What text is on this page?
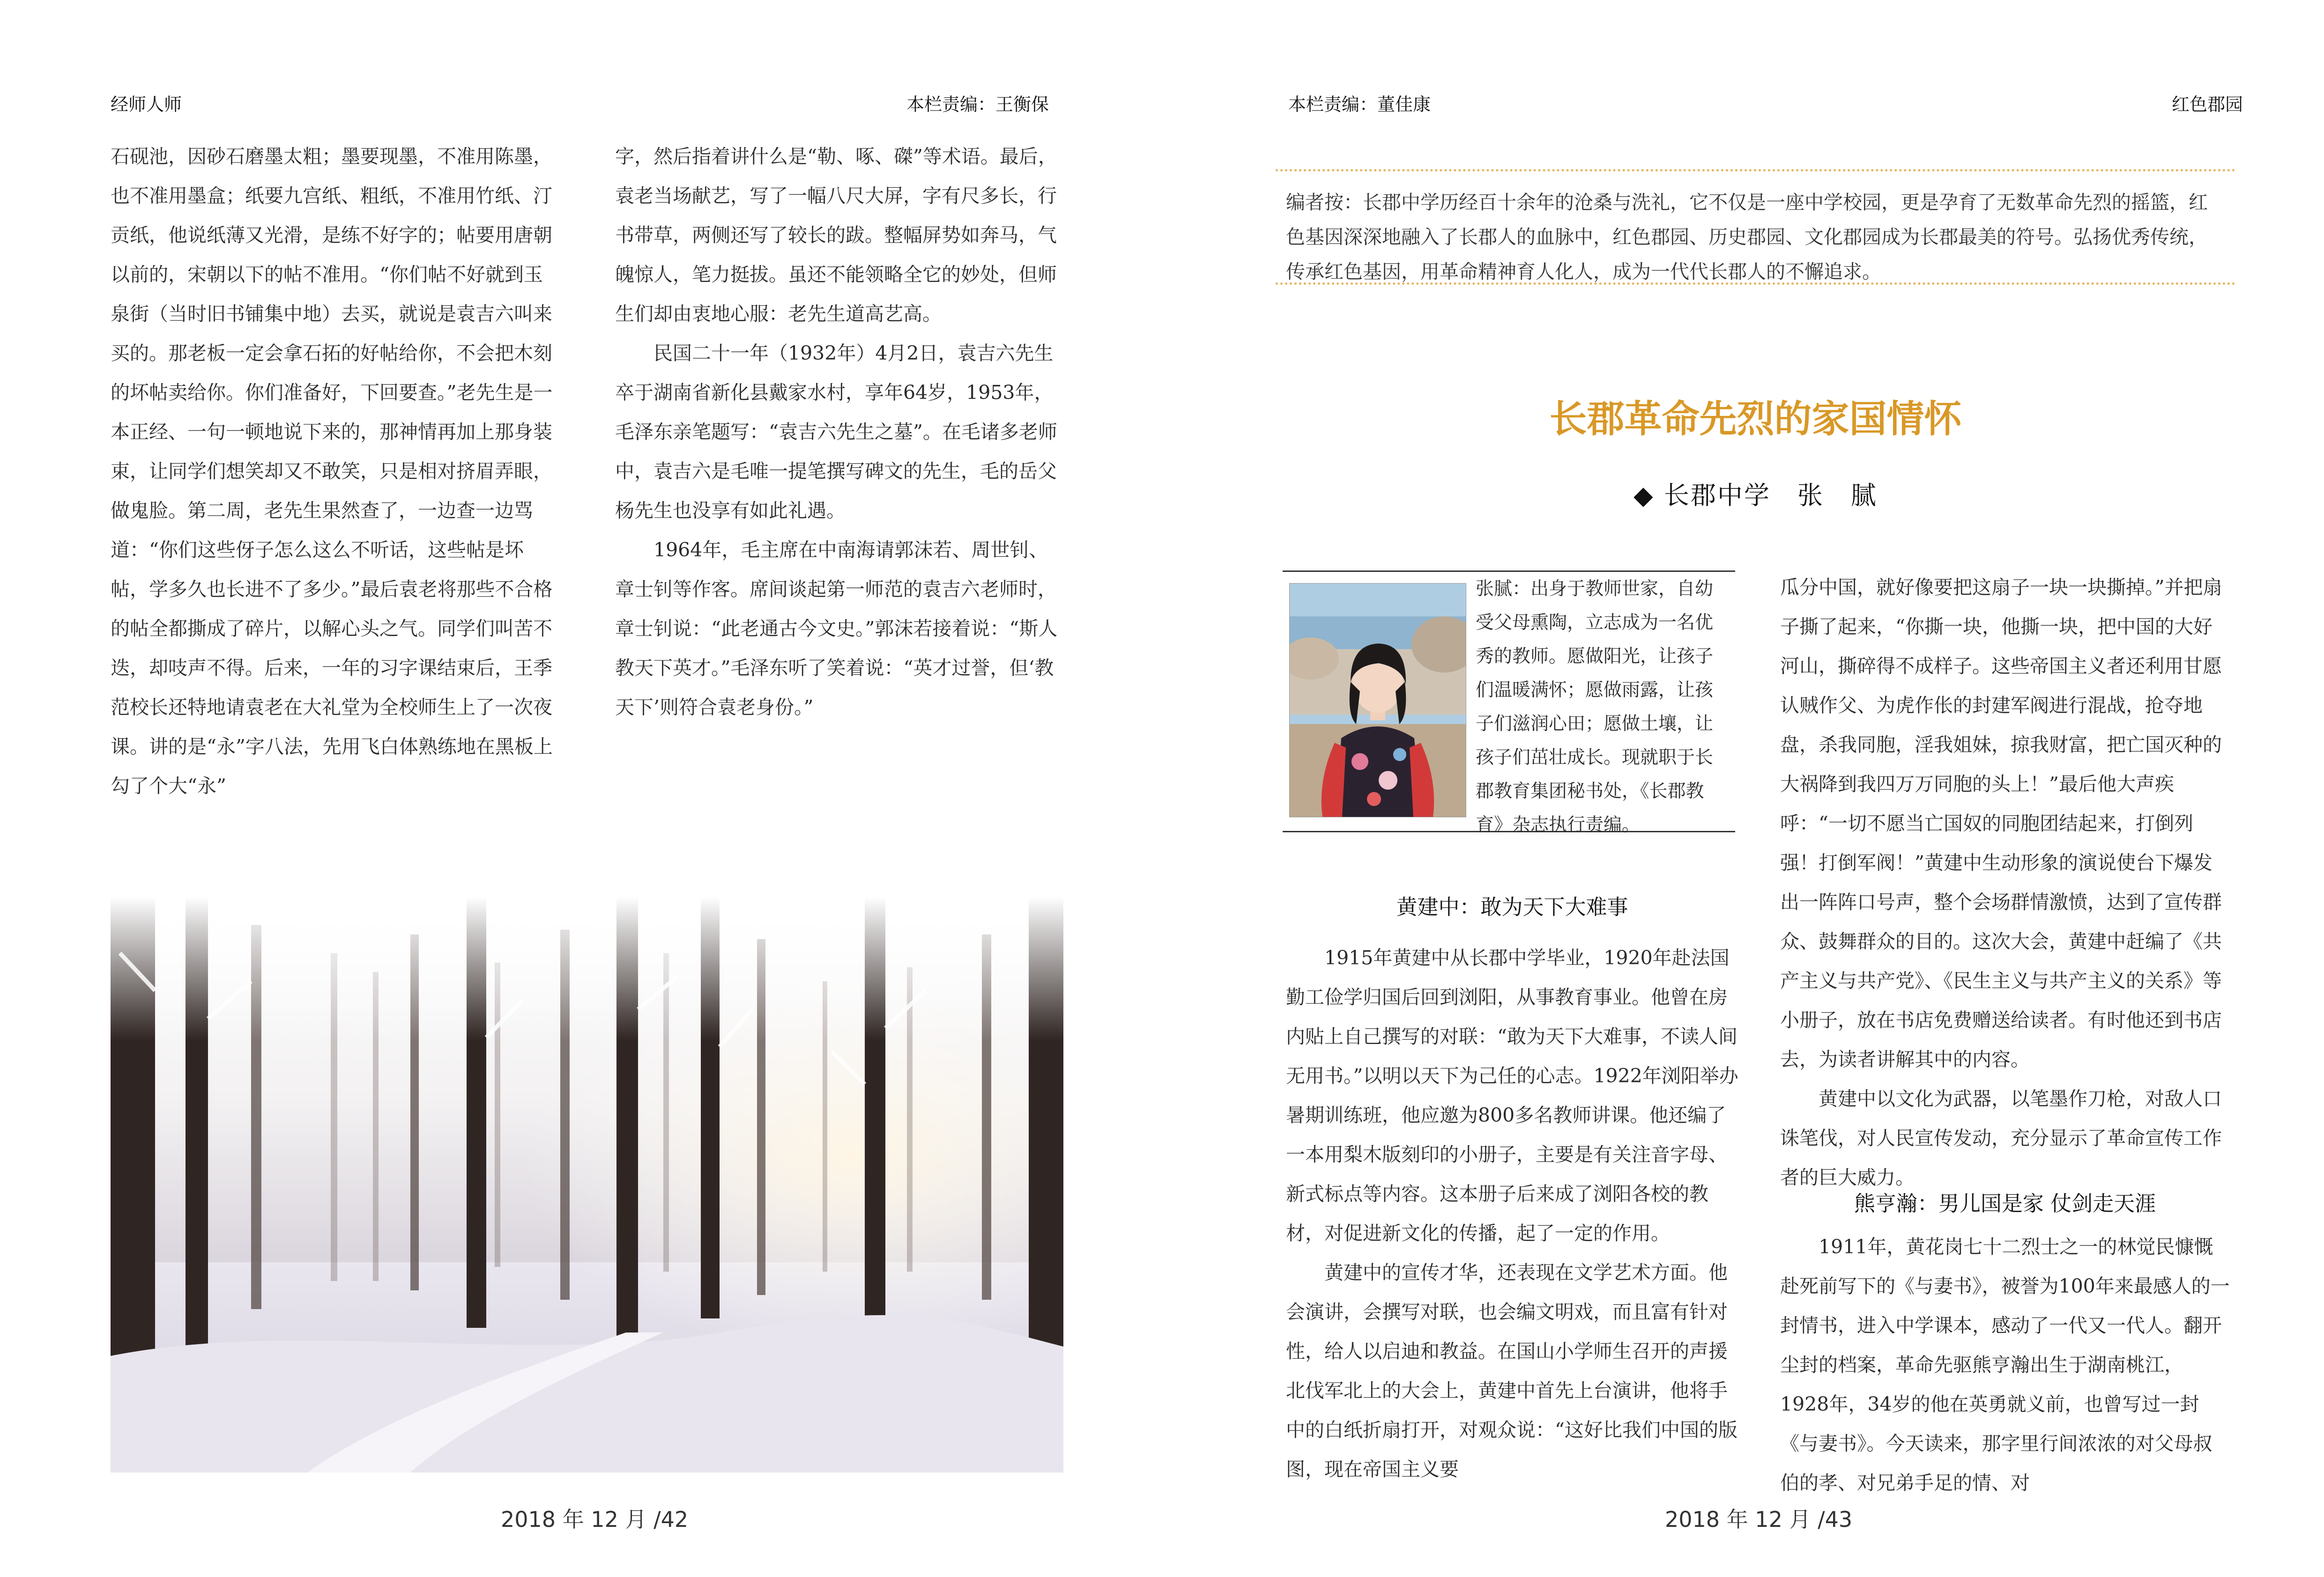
经师人师	本栏责编：王衡保

石砚池，因砂石磨墨太粗；墨要现墨，不准用陈墨，也不准用墨盒；纸要九宫纸、粗纸，不准用竹纸、汀贡纸，他说纸薄又光滑，是练不好字的；帖要用唐朝以前的，宋朝以下的帖不准用。“你们帖不好就到玉泉街（当时旧书铺集中地）去买，就说是袁吉六叫来买的。那老板一定会拿石拓的好帖给你，不会把木刻的坏帖卖给你。你们准备好，下回要查。”老先生是一本正经、一句一顿地说下来的，那神情再加上那身装束，让同学们想笑却又不敢笑，只是相对挤眉弄眼，做鬼脸。第二周，老先生果然查了，一边查一边骂道：“你们这些伢子怎么这么不听话，这些帖是坏帖，学多久也长进不了多少。”最后袁老将那些不合格的帖全都撕成了碎片，以解心头之气。同学们叫苦不迭，却吱声不得。后来，一年的习字课结束后，王季范校长还特地请袁老在大礼堂为全校师生上了一次夜课。讲的是“永”字八法，先用飞白体熟练地在黑板上勾了个大“永”

字，然后指着讲什么是“勒、啄、磔”等术语。最后，袁老当场献艺，写了一幅八尺大屏，字有尺多长，行书带草，两侧还写了较长的跋。整幅屏势如奔马，气魄惊人，笔力挺拔。虽还不能领略全它的妙处，但师生们却由衷地心服：老先生道高艺高。

民国二十一年（1932年）4月2日，袁吉六先生卒于湖南省新化县戴家水村，享年64岁，1953年，毛泽东亲笔题写：“袁吉六先生之墓”。在毛诸多老师中，袁吉六是毛唯一提笔撰写碑文的先生，毛的岳父杨先生也没享有如此礼遇。

1964年，毛主席在中南海请郭沫若、周世钊、章士钊等作客。席间谈起第一师范的袁吉六老师时，章士钊说：“此老通古今文史。”郭沫若接着说：“斯人教天下英才。”毛泽东听了笑着说：“英才过誉，但‘教天下’则符合袁老身份。”

2018 年 12 月 /42
本栏责编：董佳康	红色郡园
编者按：长郡中学历经百十余年的沧桑与洗礼，它不仅是一座中学校园，更是孕育了无数革命先烈的摇篮，红色基因深深地融入了长郡人的血脉中，红色郡园、历史郡园、文化郡园成为长郡最美的符号。弘扬优秀传统，传承红色基因，用革命精神育人化人，成为一代代长郡人的不懈追求。
长郡革命先烈的家国情怀
◆ 长郡中学　张　腻
张腻：出身于教师世家，自幼受父母熏陶，立志成为一名优秀的教师。愿做阳光，让孩子们温暖满怀；愿做雨露，让孩子们滋润心田；愿做土壤，让孩子们茁壮成长。现就职于长郡教育集团秘书处，《长郡教育》杂志执行责编。
黄建中：敢为天下大难事

1915年黄建中从长郡中学毕业，1920年赴法国勤工俭学归国后回到浏阳，从事教育事业。他曾在房内贴上自己撰写的对联：“敢为天下大难事，不读人间无用书。”以明以天下为己任的心志。1922年浏阳举办暑期训练班，他应邀为800多名教师讲课。他还编了一本用梨木版刻印的小册子，主要是有关注音字母、新式标点等内容。这本册子后来成了浏阳各校的教材，对促进新文化的传播，起了一定的作用。

黄建中的宣传才华，还表现在文学艺术方面。他会演讲，会撰写对联，也会编文明戏，而且富有针对性，给人以启迪和教益。在国山小学师生召开的声援北伐军北上的大会上，黄建中首先上台演讲，他将手中的白纸折扇打开，对观众说：“这好比我们中国的版图，现在帝国主义要

瓜分中国，就好像要把这扇子一块一块撕掉。”并把扇子撕了起来，“你撕一块，他撕一块，把中国的大好河山，撕碎得不成样子。这些帝国主义者还利用甘愿认贼作父、为虎作伥的封建军阀进行混战，抢夺地盘，杀我同胞，淫我姐妹，掠我财富，把亡国灭种的大祸降到我四万万同胞的头上！”最后他大声疾呼：“一切不愿当亡国奴的同胞团结起来，打倒列强！打倒军阀！”黄建中生动形象的演说使台下爆发出一阵阵口号声，整个会场群情激愤，达到了宣传群众、鼓舞群众的目的。这次大会，黄建中赶编了《共产主义与共产党》、《民生主义与共产主义的关系》等小册子，放在书店免费赠送给读者。有时他还到书店去，为读者讲解其中的内容。

黄建中以文化为武器，以笔墨作刀枪，对敌人口诛笔伐，对人民宣传发动，充分显示了革命宣传工作者的巨大威力。

熊亨瀚：男儿国是家 仗剑走天涯

1911年，黄花岗七十二烈士之一的林觉民慷慨赴死前写下的《与妻书》，被誉为100年来最感人的一封情书，进入中学课本，感动了一代又一代人。翻开尘封的档案，革命先驱熊亨瀚出生于湖南桃江，1928年，34岁的他在英勇就义前，也曾写过一封《与妻书》。今天读来，那字里行间浓浓的对父母叔伯的孝、对兄弟手足的情、对

2018 年 12 月 /43
